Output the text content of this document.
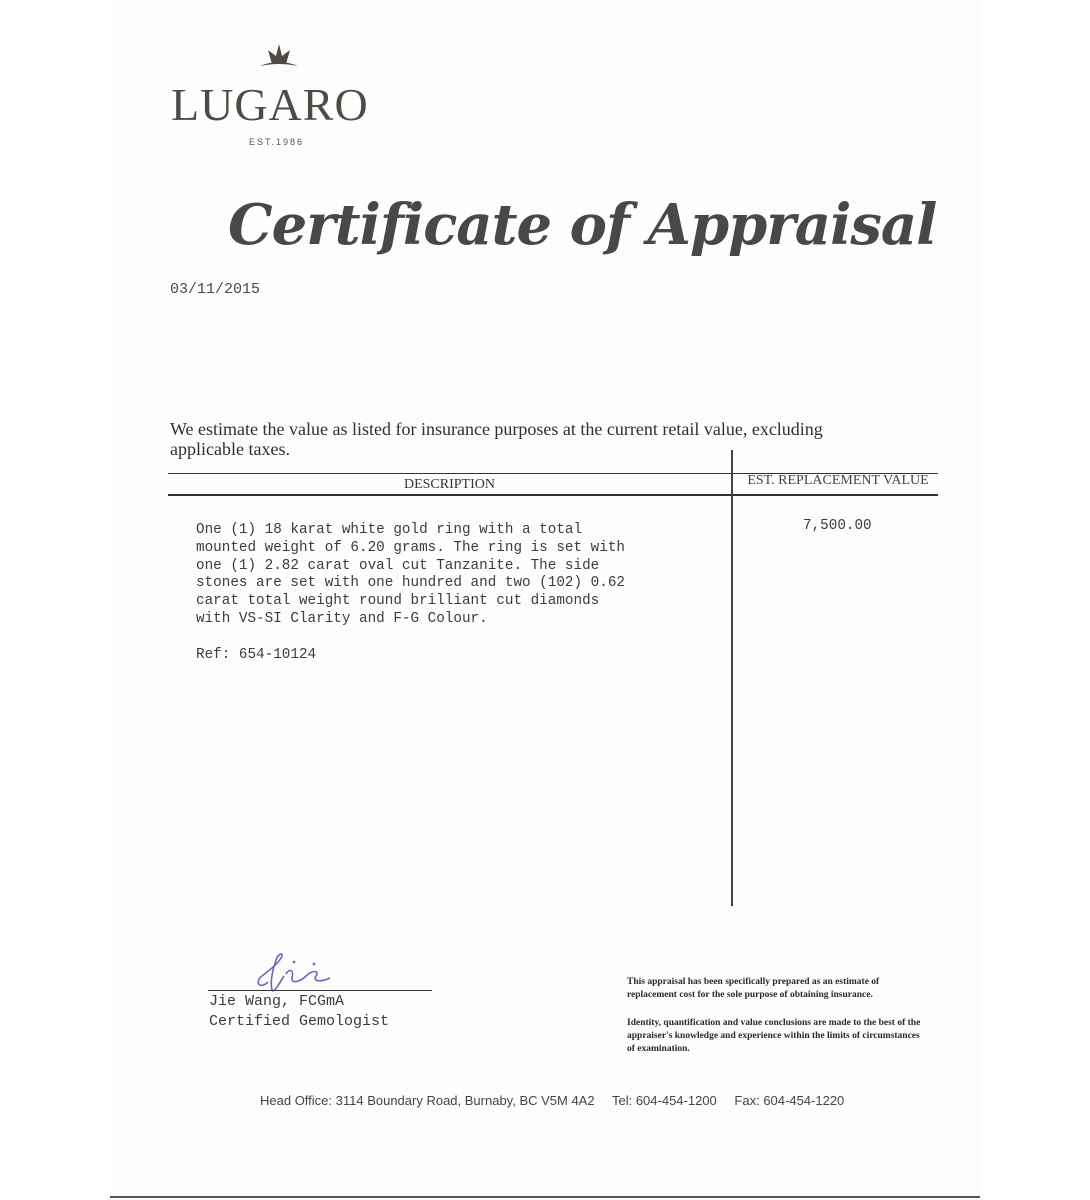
LUGARO
EST.1986
Certificate of Appraisal
03/11/2015
We estimate the value as listed for insurance purposes at the current retail value, excluding applicable taxes.
DESCRIPTION	EST. REPLACEMENT VALUE
One (1) 18 karat white gold ring with a total
mounted weight of 6.20 grams. The ring is set with
one (1) 2.82 carat oval cut Tanzanite. The side
stones are set with one hundred and two (102) 0.62
carat total weight round brilliant cut diamonds
with VS-SI Clarity and F-G Colour.
Ref: 654-10124
7,500.00
Jie Wang, FCGmA
Certified Gemologist
This appraisal has been specifically prepared as an estimate of replacement cost for the sole purpose of obtaining insurance.
Identity, quantification and value conclusions are made to the best of the appraiser's knowledge and experience within the limits of circumstances of examination.
Head Office: 3114 Boundary Road, Burnaby, BC V5M 4A2 Tel: 604-454-1200 Fax: 604-454-1220
